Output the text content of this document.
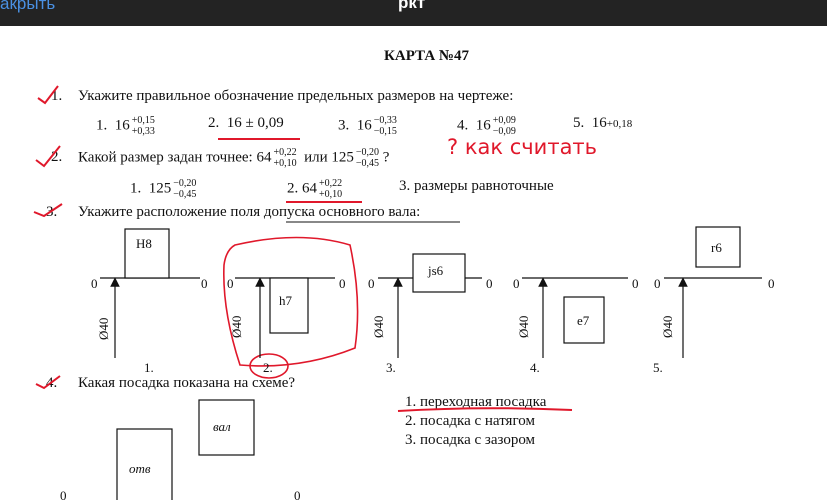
акрыть	ркт
КАРТА №47
1. Укажите правильное обозначение предельных размеров на чертеже:
1. 16 +0,15
+0,33
2. 16 ± 0,09	3. 16 −0,33
−0,15	4. 16 +0,09
−0,09
5. 16+0,18
2. Какой размер задан точнее: 64 +0,22
+0,10 или 125 −0,20
−0,45 ?	? как считать
1. 125 −0,20
−0,45	2. 64 +0,22
+0,10
3. размеры равноточные
3. Укажите расположение поля допуска основного вала:
4. Какая посадка показана на схеме?
1. переходная посадка
2. посадка с натягом
3. посадка с зазором
H8
0	0
Ø40
1.
h7
0	0
Ø40
2.
js6
0	0
Ø40
3.
e7
0	0
Ø40
4.
r6
0	0
Ø40
5.
вал
отв
0	0
